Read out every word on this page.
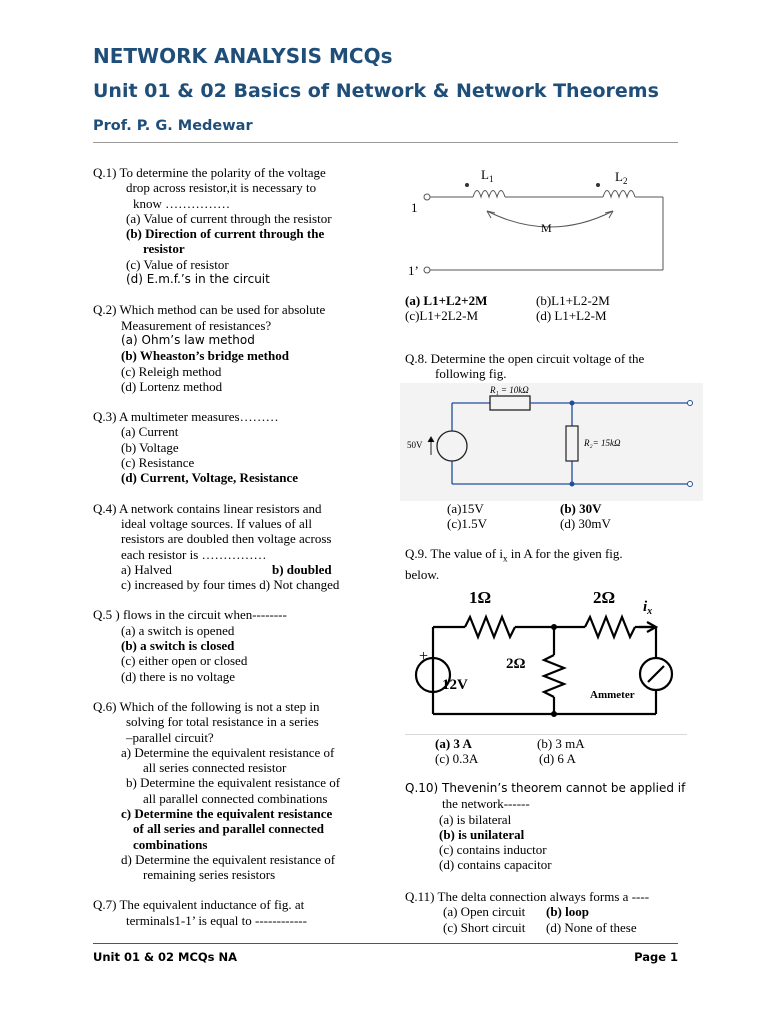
NETWORK ANALYSIS MCQs
Unit 01 & 02 Basics of Network & Network Theorems
Prof. P. G. Medewar
Q.1) To determine the polarity of the voltage
drop across resistor,it is necessary to
know ……………
(a) Value of current through the resistor
(b) Direction of current through the
resistor
(c) Value of resistor
(d) E.m.f.’s in the circuit
Q.2) Which method can be used for absolute
Measurement of resistances?
(a) Ohm’s law method
(b) Wheaston’s bridge method
(c) Releigh method
(d) Lortenz method
Q.3) A multimeter measures………
(a) Current
(b) Voltage
(c) Resistance
(d) Current, Voltage, Resistance
Q.4) A network contains linear resistors and
ideal voltage sources. If values of all
resistors are doubled then voltage across
each resistor is ……………
a) Halved	b) doubled
c) increased by four times d) Not changed
Q.5 ) flows in the circuit when--------
(a) a switch is opened
(b) a switch is closed
(c) either open or closed
(d) there is no voltage
Q.6) Which of the following is not a step in
solving for total resistance in a series
–parallel circuit?
a) Determine the equivalent resistance of
all series connected resistor
b) Determine the equivalent resistance of
all parallel connected combinations
c) Determine the equivalent resistance
of all series and parallel connected
combinations
d) Determine the equivalent resistance of
remaining series resistors
Q.7) The equivalent inductance of fig. at
terminals1-1’ is equal to ------------
$L_1$	$L_2$
M
1
1’
(a) L1+L2+2M	(b)L1+L2-2M
(c)L1+2L2-M	(d) L1+L2-M
Q.8. Determine the open circuit voltage of the
following fig.
R₁ = 10kΩ
R₂= 15kΩ
50V
(a)15V	(b) 30V
(c)1.5V	(d) 30mV
Q.9. The value of $i_x$ in A for the given fig.
below.
1Ω	2Ω
2Ω
12V
+
$i_x$
Ammeter
(a) 3 A	(b) 3 mA
(c) 0.3A	(d) 6 A
Q.10) Thevenin’s theorem cannot be applied if
the network------
(a) is bilateral
(b) is unilateral
(c) contains inductor
(d) contains capacitor
Q.11) The delta connection always forms a ----
(a) Open circuit (b) loop
(c) Short circuit (d) None of these
Unit 01 & 02 MCQs NA	Page 1
